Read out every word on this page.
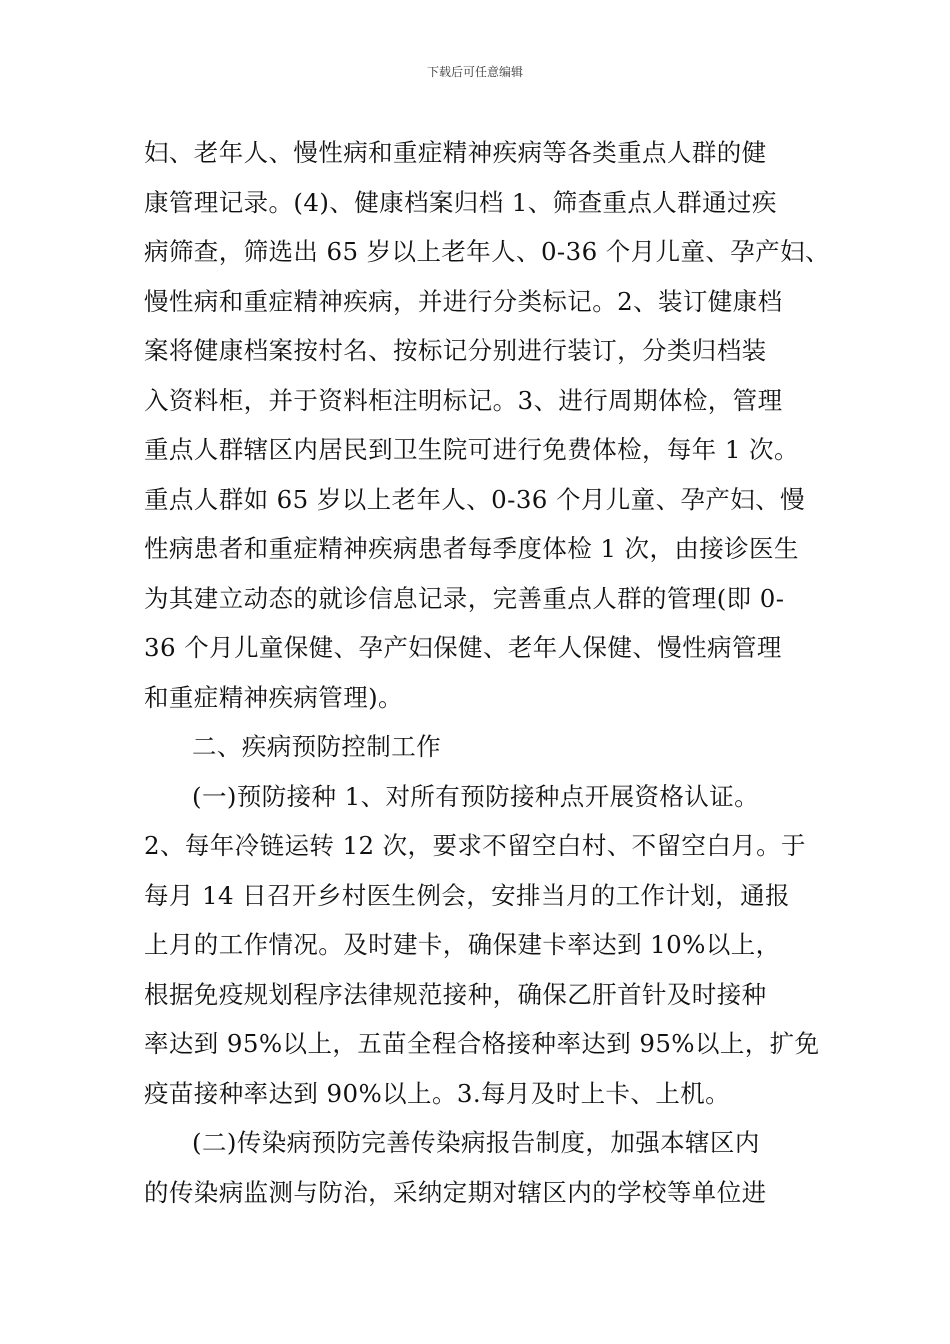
下载后可任意编辑

妇、老年人、慢性病和重症精神疾病等各类重点人群的健
康管理记录。(4)、健康档案归档 1、筛查重点人群通过疾
病筛查，筛选出 65 岁以上老年人、0-36 个月儿童、孕产妇、
慢性病和重症精神疾病，并进行分类标记。2、装订健康档
案将健康档案按村名、按标记分别进行装订，分类归档装
入资料柜，并于资料柜注明标记。3、进行周期体检，管理
重点人群辖区内居民到卫生院可进行免费体检，每年 1 次。
重点人群如 65 岁以上老年人、0-36 个月儿童、孕产妇、慢
性病患者和重症精神疾病患者每季度体检 1 次，由接诊医生
为其建立动态的就诊信息记录，完善重点人群的管理(即 0-
36 个月儿童保健、孕产妇保健、老年人保健、慢性病管理
和重症精神疾病管理)。

二、疾病预防控制工作

(一)预防接种 1、对所有预防接种点开展资格认证。
2、每年冷链运转 12 次，要求不留空白村、不留空白月。于
每月 14 日召开乡村医生例会，安排当月的工作计划，通报
上月的工作情况。及时建卡，确保建卡率达到 10%以上，
根据免疫规划程序法律规范接种，确保乙肝首针及时接种
率达到 95%以上，五苗全程合格接种率达到 95%以上，扩免
疫苗接种率达到 90%以上。3.每月及时上卡、上机。

(二)传染病预防完善传染病报告制度，加强本辖区内
的传染病监测与防治，采纳定期对辖区内的学校等单位进
